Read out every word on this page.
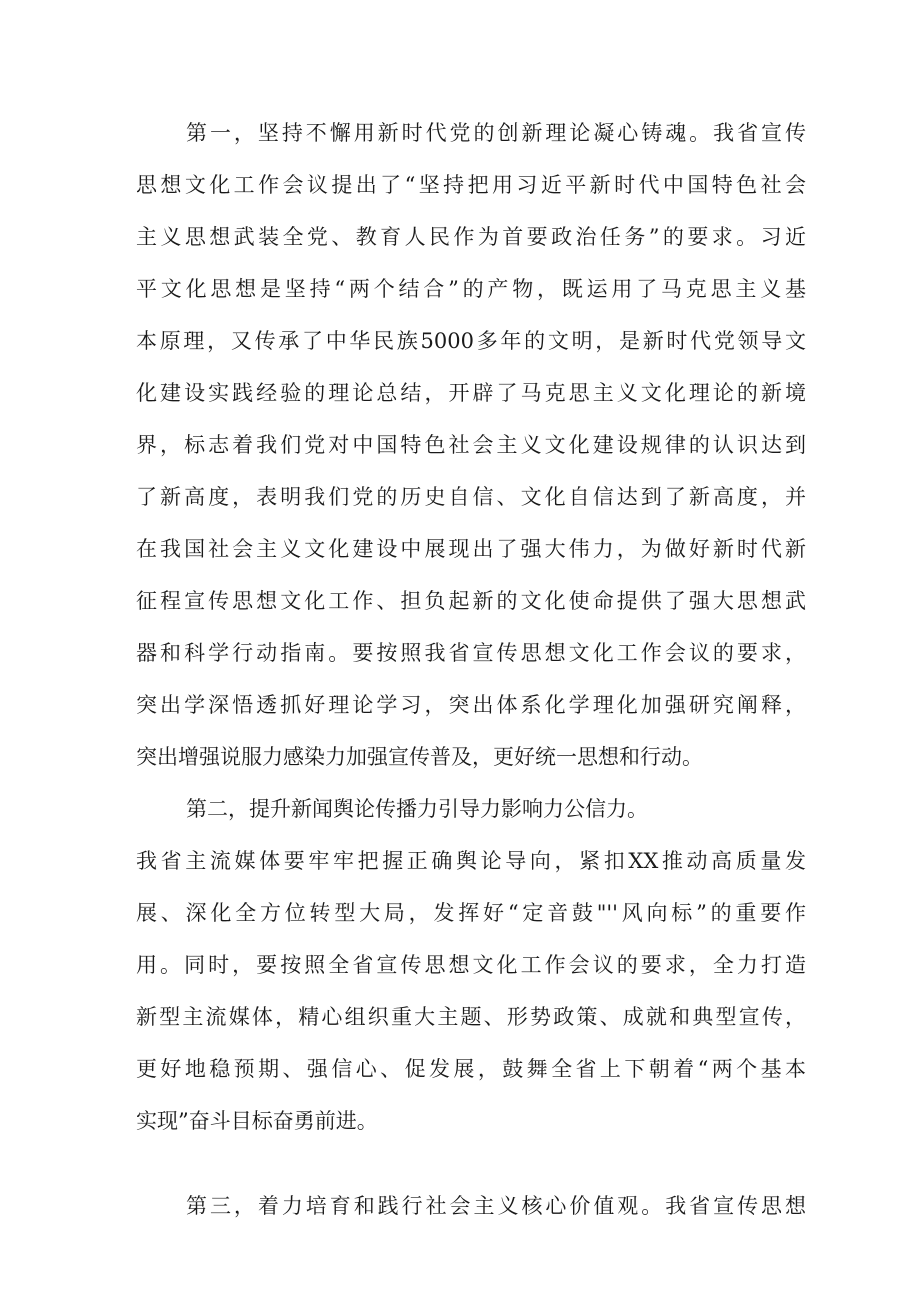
第一，坚持不懈用新时代党的创新理论凝心铸魂。我省宣传
思想文化工作会议提出了“坚持把用习近平新时代中国特色社会
主义思想武装全党、教育人民作为首要政治任务”的要求。习近
平文化思想是坚持“两个结合”的产物，既运用了马克思主义基
本原理，又传承了中华民族5000多年的文明，是新时代党领导文
化建设实践经验的理论总结，开辟了马克思主义文化理论的新境
界，标志着我们党对中国特色社会主义文化建设规律的认识达到
了新高度，表明我们党的历史自信、文化自信达到了新高度，并
在我国社会主义文化建设中展现出了强大伟力，为做好新时代新
征程宣传思想文化工作、担负起新的文化使命提供了强大思想武
器和科学行动指南。要按照我省宣传思想文化工作会议的要求，
突出学深悟透抓好理论学习，突出体系化学理化加强研究阐释，
突出增强说服力感染力加强宣传普及，更好统一思想和行动。
第二，提升新闻舆论传播力引导力影响力公信力。
我省主流媒体要牢牢把握正确舆论导向，紧扣XX推动高质量发
展、深化全方位转型大局，发挥好“定音鼓"''风向标”的重要作
用。同时，要按照全省宣传思想文化工作会议的要求，全力打造
新型主流媒体，精心组织重大主题、形势政策、成就和典型宣传，
更好地稳预期、强信心、促发展，鼓舞全省上下朝着“两个基本
实现”奋斗目标奋勇前进。
第三，着力培育和践行社会主义核心价值观。我省宣传思想
